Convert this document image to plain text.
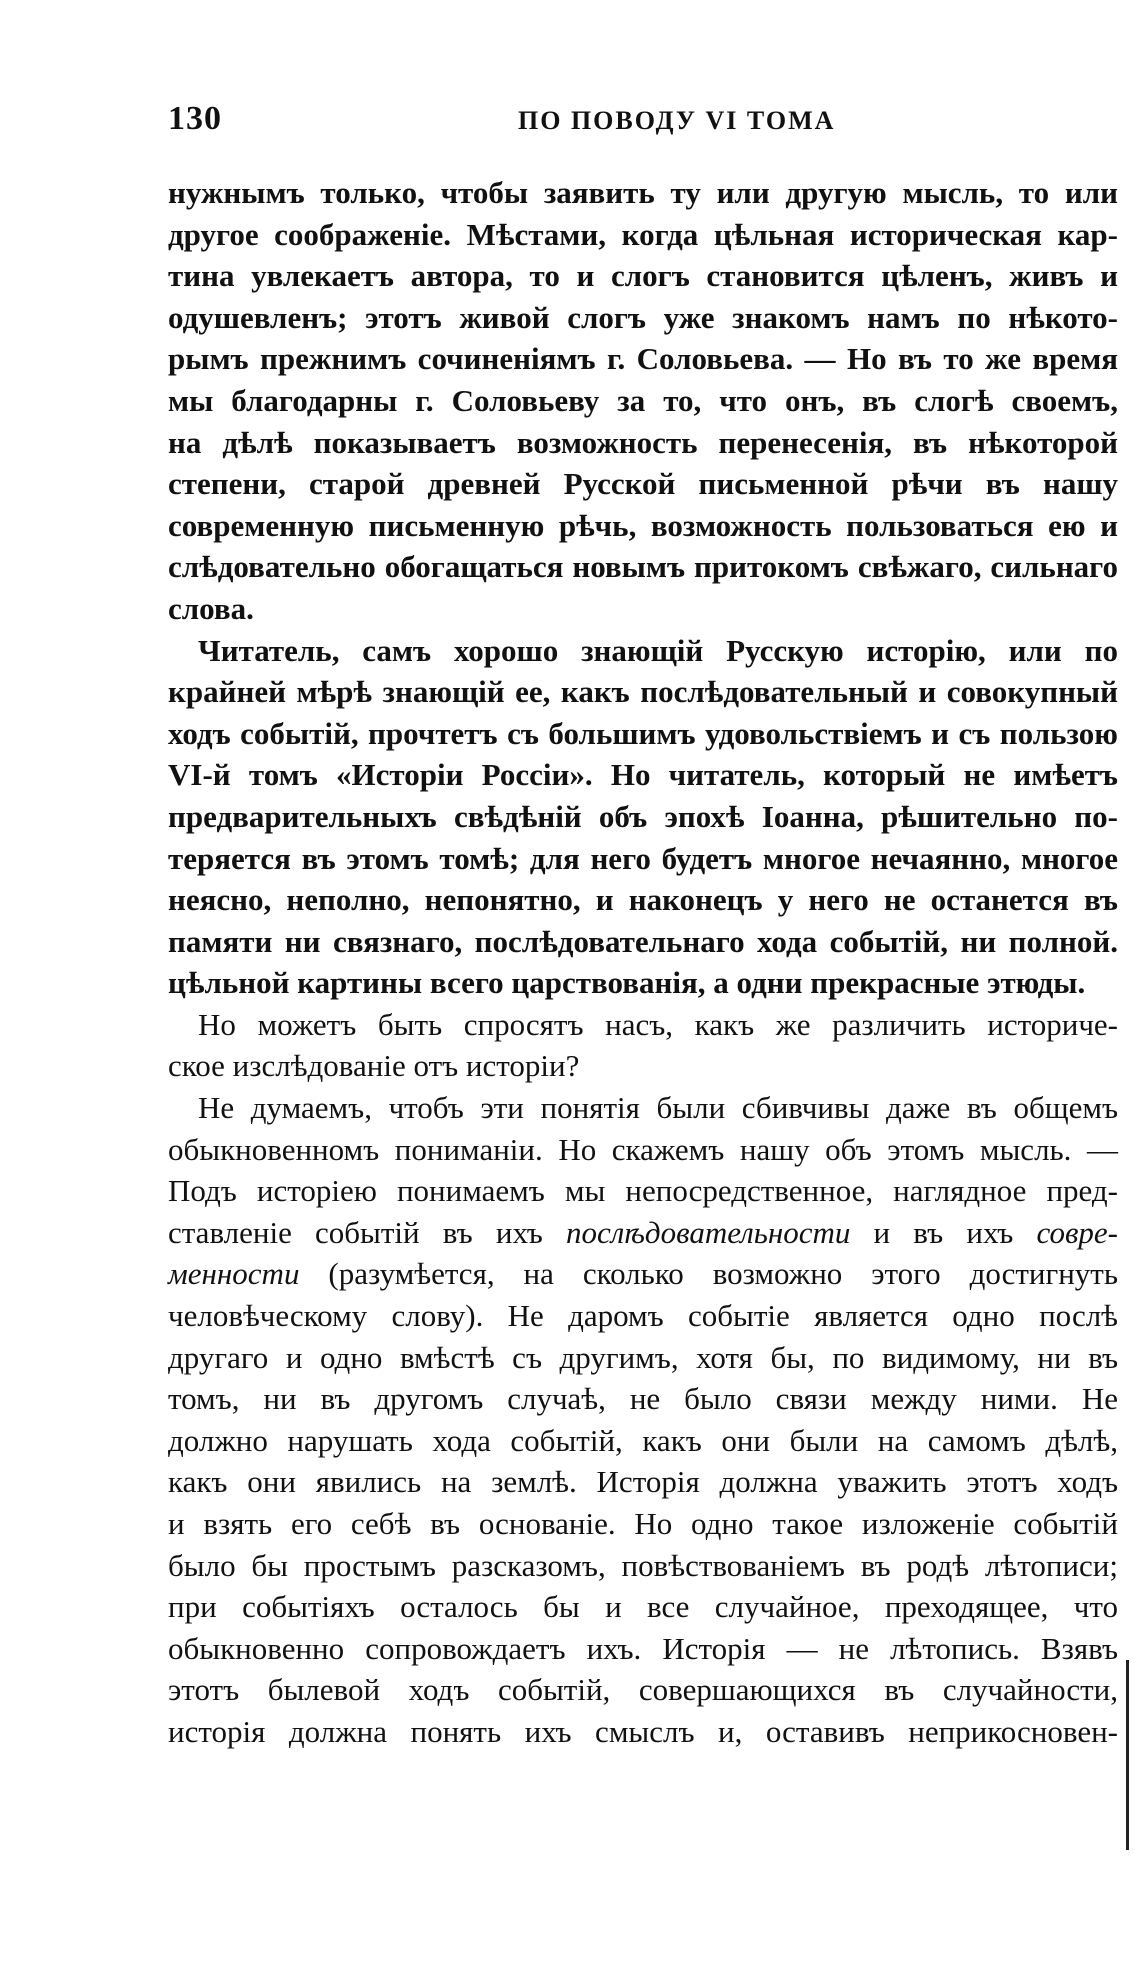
130	ПО ПОВОДУ VI ТОМА
нужнымъ только, чтобы заявить ту или другую мысль, то или
другое соображеніе. Мѣстами, когда цѣльная историческая кар-
тина увлекаетъ автора, то и слогъ становится цѣленъ, живъ и
одушевленъ; этотъ живой слогъ уже знакомъ намъ по нѣкото-
рымъ прежнимъ сочиненіямъ г. Соловьева. — Но въ то же время
мы благодарны г. Соловьеву за то, что онъ, въ слогѣ своемъ,
на дѣлѣ показываетъ возможность перенесенія, въ нѣкоторой
степени, старой древней Русской письменной рѣчи въ нашу
современную письменную рѣчь, возможность пользоваться ею и
слѣдовательно обогащаться новымъ притокомъ свѣжаго, сильнаго
слова.
Читатель, самъ хорошо знающій Русскую исторію, или по
крайней мѣрѣ знающій ее, какъ послѣдовательный и совокупный
ходъ событій, прочтетъ съ большимъ удовольствіемъ и съ пользою
VI-й томъ «Исторіи Россіи». Но читатель, который не имѣетъ
предварительныхъ свѣдѣній объ эпохѣ Іоанна, рѣшительно по-
теряется въ этомъ томѣ; для него будетъ многое нечаянно, многое
неясно, неполно, непонятно, и наконецъ у него не останется въ
памяти ни связнаго, послѣдовательнаго хода событій, ни полной.
цѣльной картины всего царствованія, а одни прекрасные этюды.
Но можетъ быть спросятъ насъ, какъ же различить историче-
ское изслѣдованіе отъ исторіи?
Не думаемъ, чтобъ эти понятія были сбивчивы даже въ общемъ
обыкновенномъ пониманіи. Но скажемъ нашу объ этомъ мысль. —
Подъ исторіею понимаемъ мы непосредственное, наглядное пред-
ставленіе событій въ ихъ послѣдовательности и въ ихъ совре-
менности (разумѣется, на сколько возможно этого достигнуть
человѣческому слову). Не даромъ событіе является одно послѣ
другаго и одно вмѣстѣ съ другимъ, хотя бы, по видимому, ни въ
томъ, ни въ другомъ случаѣ, не было связи между ними. Не
должно нарушать хода событій, какъ они были на самомъ дѣлѣ,
какъ они явились на землѣ. Исторія должна уважить этотъ ходъ
и взять его себѣ въ основаніе. Но одно такое изложеніе событій
было бы простымъ разсказомъ, повѣствованіемъ въ родѣ лѣтописи;
при событіяхъ осталось бы и все случайное, преходящее, что
обыкновенно сопровождаетъ ихъ. Исторія — не лѣтопись. Взявъ
этотъ былевой ходъ событій, совершающихся въ случайности,
исторія должна понять ихъ смыслъ и, оставивъ неприкосновен-
